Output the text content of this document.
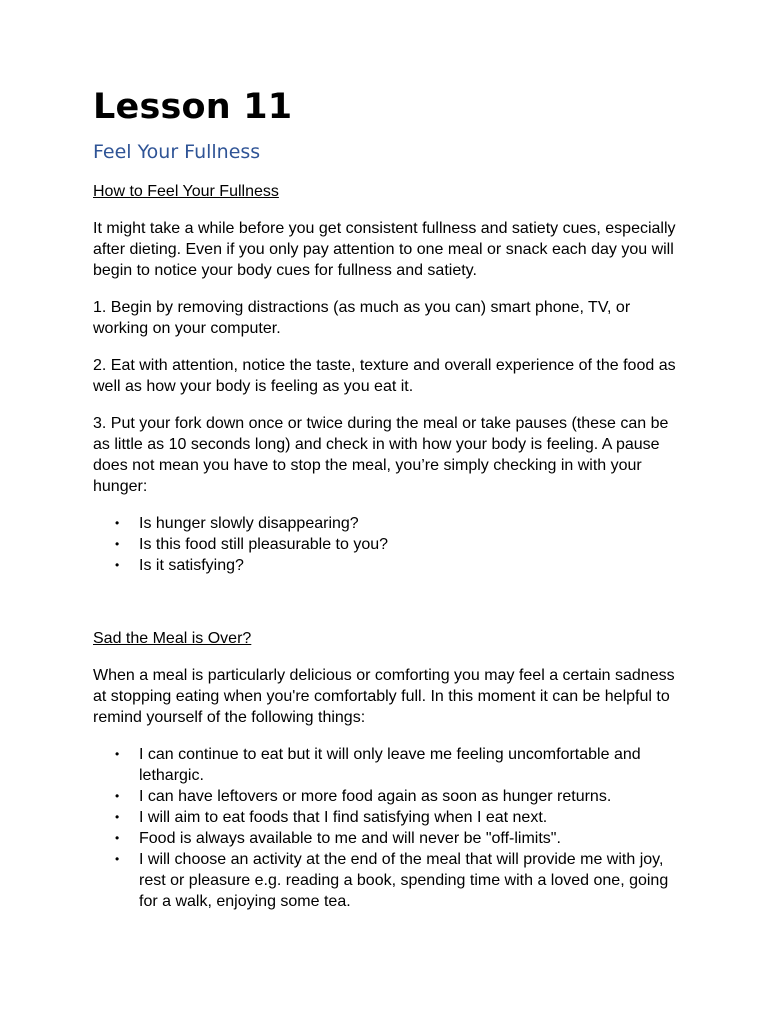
Lesson 11
Feel Your Fullness
How to Feel Your Fullness

It might take a while before you get consistent fullness and satiety cues, especially after dieting. Even if you only pay attention to one meal or snack each day you will begin to notice your body cues for fullness and satiety.

1. Begin by removing distractions (as much as you can) smart phone, TV, or working on your computer.

2. Eat with attention, notice the taste, texture and overall experience of the food as well as how your body is feeling as you eat it.

3. Put your fork down once or twice during the meal or take pauses (these can be as little as 10 seconds long) and check in with how your body is feeling. A pause does not mean you have to stop the meal, you’re simply checking in with your hunger:

• Is hunger slowly disappearing?
• Is this food still pleasurable to you?
• Is it satisfying?
Sad the Meal is Over?

When a meal is particularly delicious or comforting you may feel a certain sadness at stopping eating when you're comfortably full. In this moment it can be helpful to remind yourself of the following things:

• I can continue to eat but it will only leave me feeling uncomfortable and lethargic.
• I can have leftovers or more food again as soon as hunger returns.
• I will aim to eat foods that I find satisfying when I eat next.
• Food is always available to me and will never be "off-limits".
• I will choose an activity at the end of the meal that will provide me with joy, rest or pleasure e.g. reading a book, spending time with a loved one, going for a walk, enjoying some tea.
